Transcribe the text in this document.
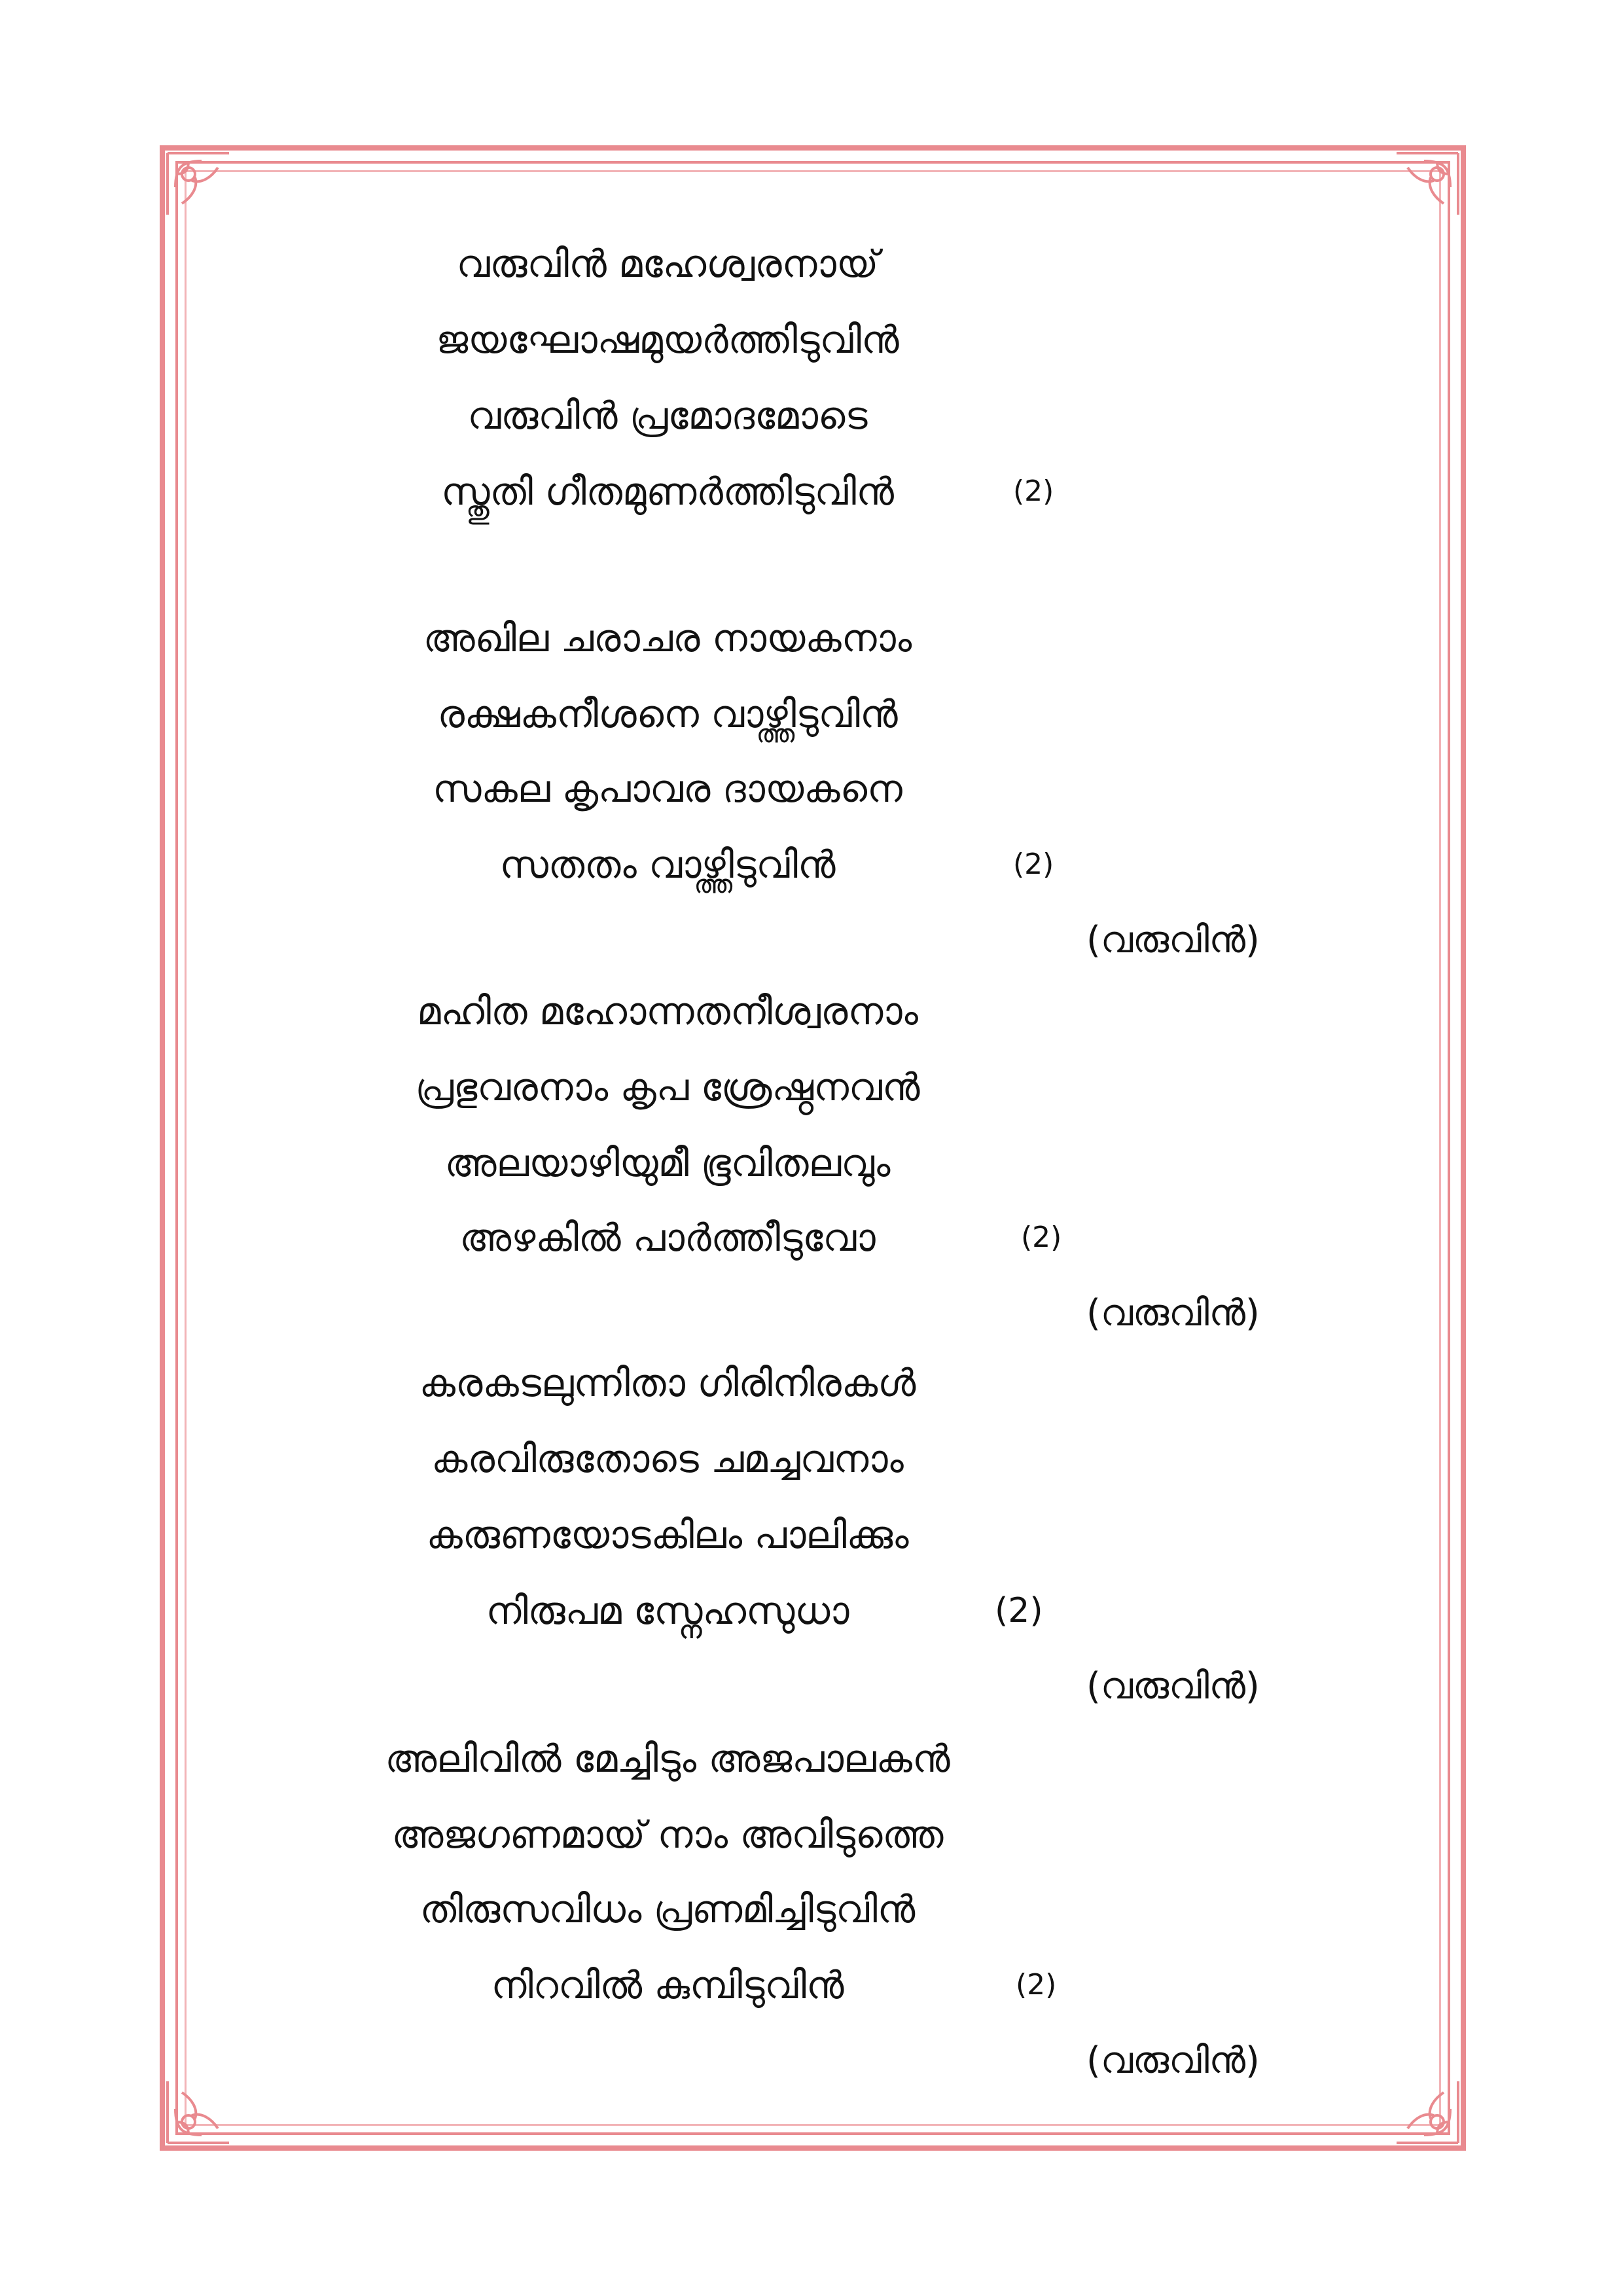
വരുവിൻ മഹേശ്വരനായ്
ജയഘോഷമുയർത്തിടുവിൻ
വരുവിൻ പ്രമോദമോടെ
സ്തുതി ഗീതമുണർത്തിടുവിൻ	(2)
അഖില ചരാചര നായകനാം
രക്ഷകനീശനെ വാഴ്ത്തിടുവിൻ
സകല കൃപാവര ദായകനെ
സതതം വാഴ്ത്തിടുവിൻ	(2)
(വരുവിൻ)
മഹിത മഹോന്നതനീശ്വരനാം
പ്രഭുവരനാം കൃപ ശ്രേഷ്ഠനവൻ
അലയാഴിയുമീ ഭൂവിതലവും
അഴകിൽ പാർത്തീടുവോ	(2)
(വരുവിൻ)
കരകടലുന്നിതാ ഗിരിനിരകൾ
കരവിരുതോടെ ചമച്ചവനാം
കരുണയോടകിലം പാലിക്കും
നിരുപമ സ്നേഹസുധാ	(2)
(വരുവിൻ)
അലിവിൽ മേച്ചിടും അജപാലകൻ
അജഗണമായ് നാം അവിടുത്തെ
തിരുസവിധം പ്രണമിച്ചിടുവിൻ
നിറവിൽ കുമ്പിടുവിൻ	(2)
(വരുവിൻ)
